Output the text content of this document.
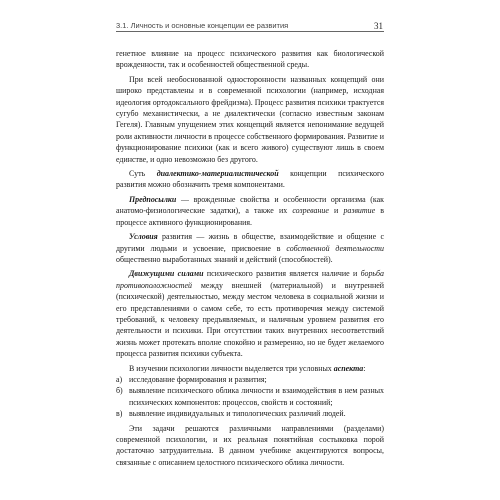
3.1. Личность и основные концепции ее развития	31

генетное влияние на процесс психического развития как биологической врожденности, так и особенностей общественной среды.

При всей необоснованной односторонности названных концепций они широко представлены и в современной психологии (например, исходная идеология ортодоксального фрейдизма). Процесс развития психики трактуется сугубо механистически, а не диалектически (согласно известным законам Гегеля). Главным упущением этих концепций является непонимание ведущей роли активности личности в процессе собственного формирования. Развитие и функционирование психики (как и всего живого) существуют лишь в своем единстве, и одно невозможно без другого.

Суть диалектико-материалистической концепции психического развития можно обозначить тремя компонентами.

Предпосылки — врожденные свойства и особенности организма (как анатомо-физиологические задатки), а также их созревание и развитие в процессе активного функционирования.

Условия развития — жизнь в обществе, взаимодействие и общение с другими людьми и усвоение, присвоение в собственной деятельности общественно выработанных знаний и действий (способностей).

Движущими силами психического развития является наличие и борьба противоположностей между внешней (материальной) и внутренней (психической) деятельностью, между местом человека в социальной жизни и его представлениями о самом себе, то есть противоречия между системой требований, к человеку предъявляемых, и наличным уровнем развития его деятельности и психики. При отсутствии таких внутренних несоответствий жизнь может протекать вполне спокойно и размеренно, но не будет желаемого процесса развития психики субъекта.

В изучении психологии личности выделяется три условных аспекта:

а) исследование формирования и развития;

б) выявление психического облика личности и взаимодействия в нем разных психических компонентов: процессов, свойств и состояний;

в) выявление индивидуальных и типологических различий людей.

Эти задачи решаются различными направлениями (разделами) современной психологии, и их реальная понятийная состыковка порой достаточно затруднительна. В данном учебнике акцентируются вопросы, связанные с описанием целостного психического облика личности.
